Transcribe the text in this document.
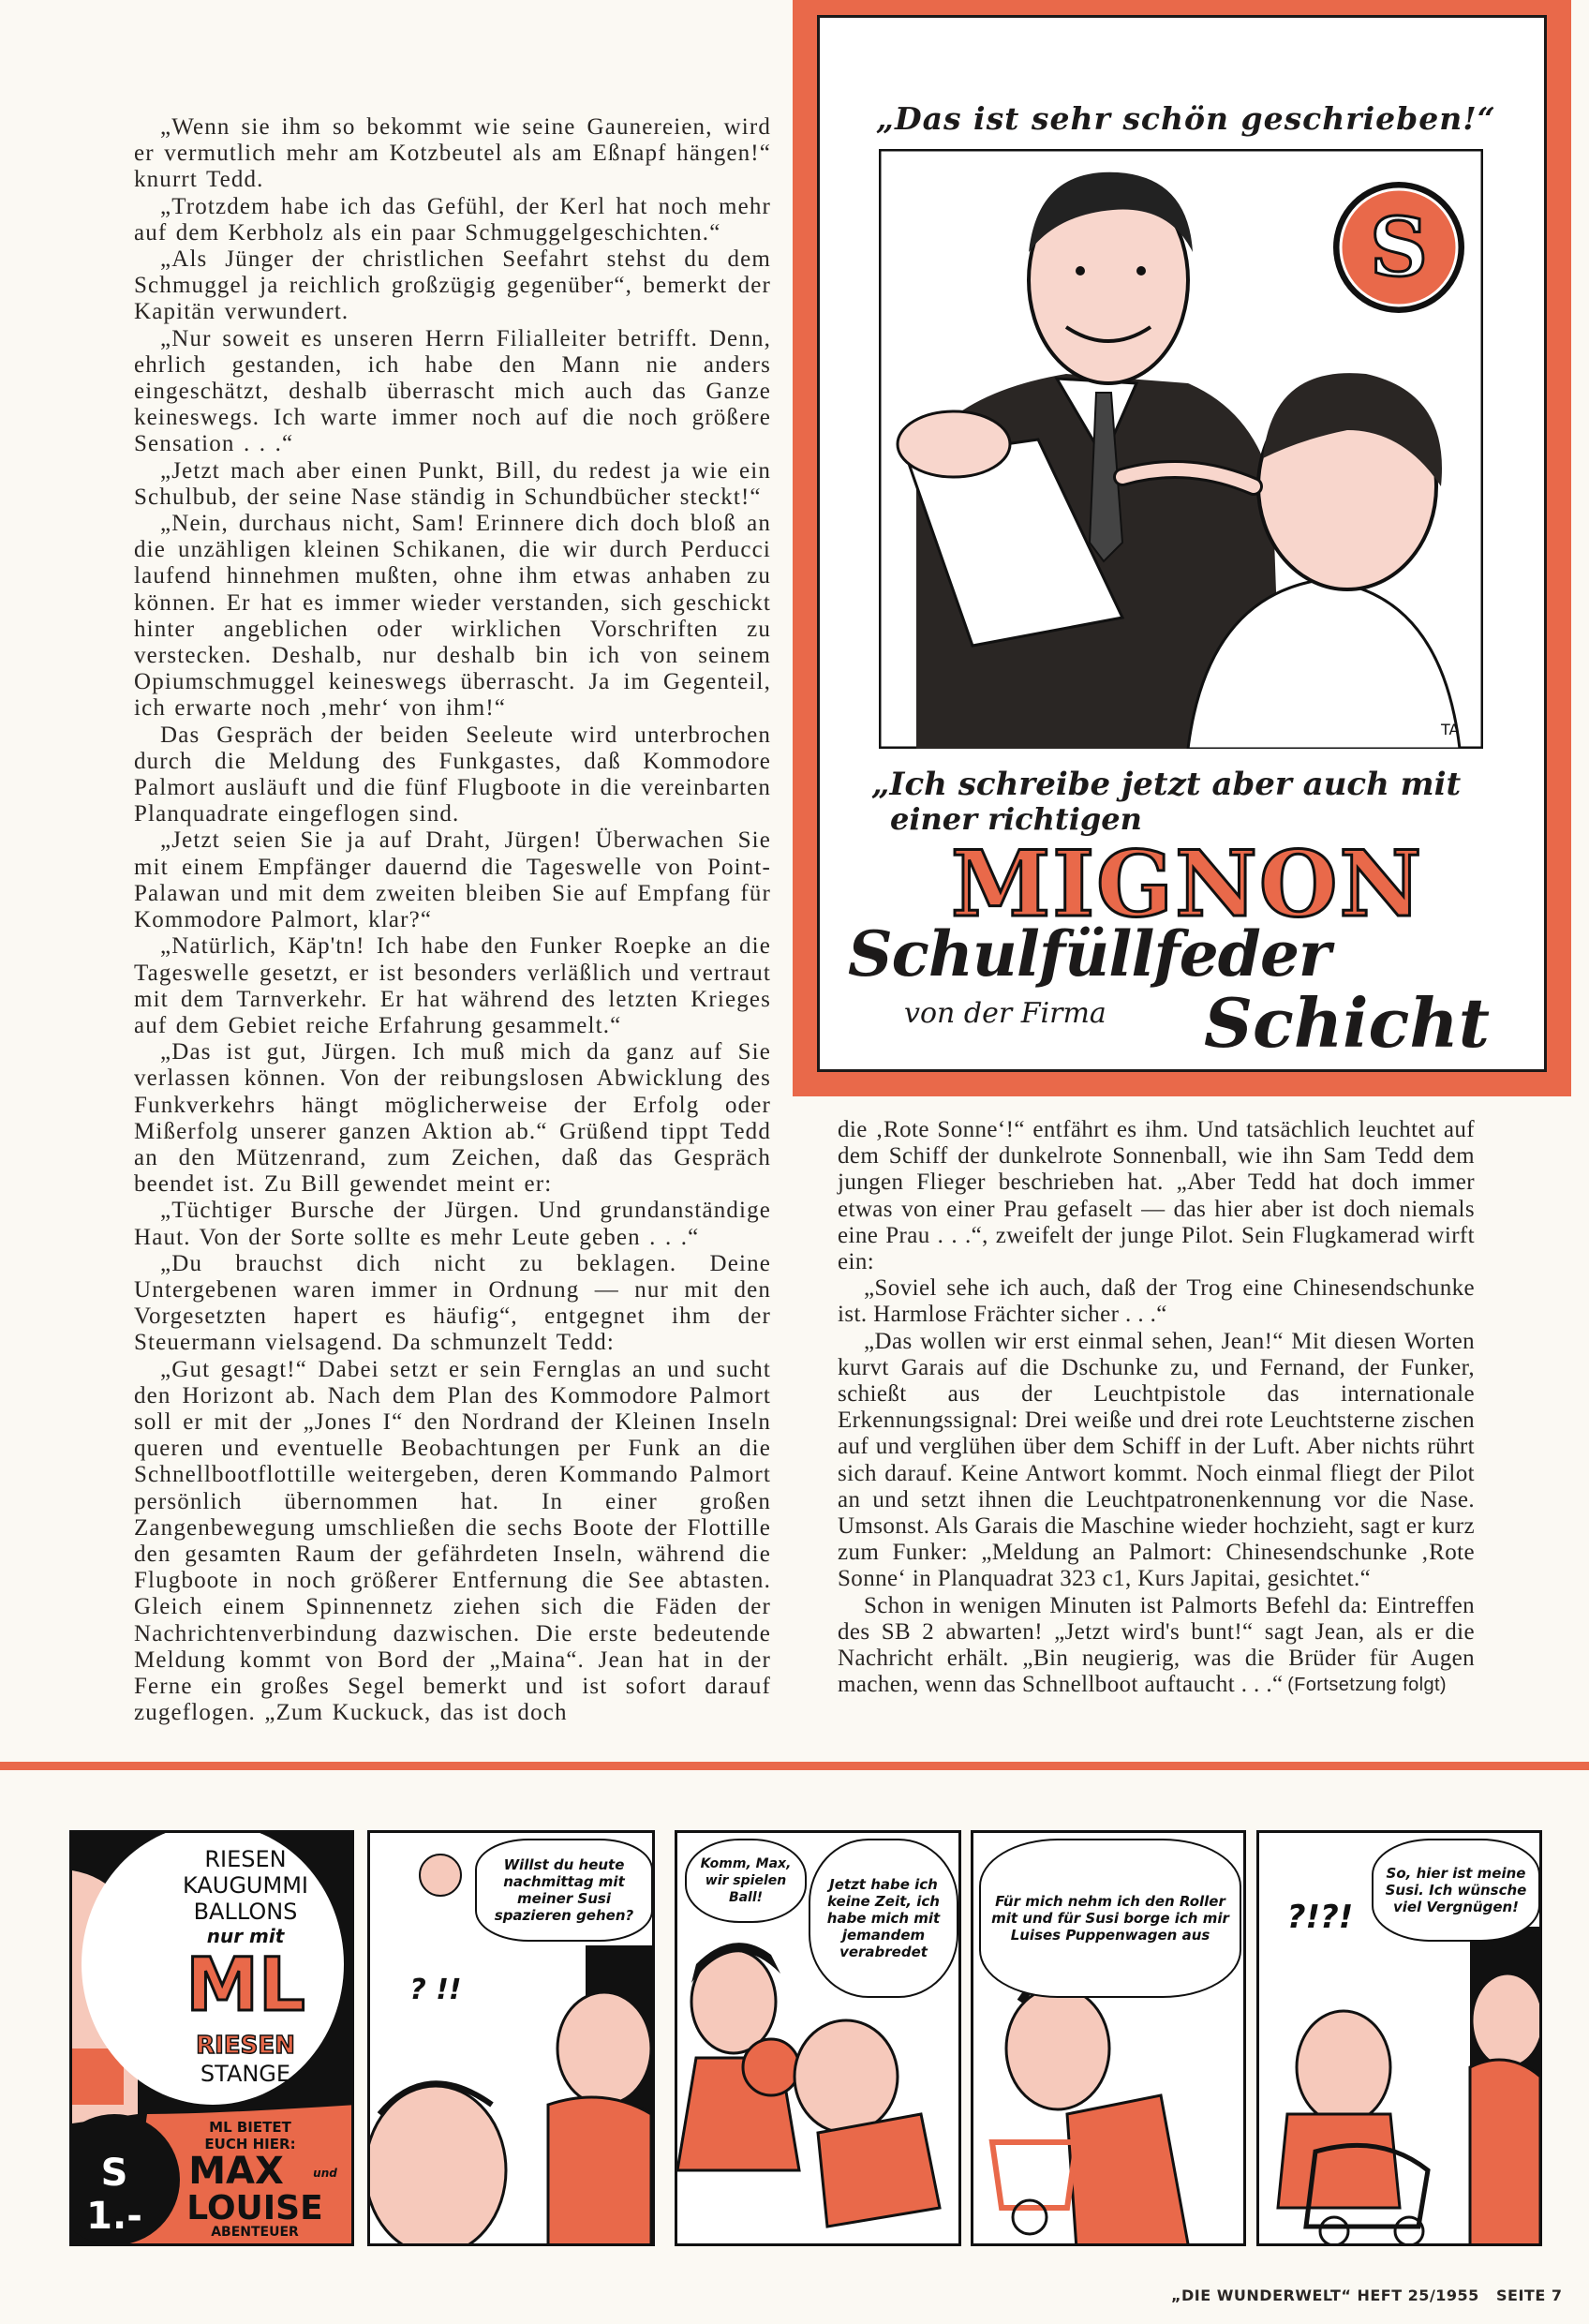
„Wenn sie ihm so bekommt wie seine Gaunereien, wird er vermutlich mehr am Kotzbeutel als am Eßnapf hängen!“ knurrt Tedd.

„Trotzdem habe ich das Gefühl, der Kerl hat noch mehr auf dem Kerbholz als ein paar Schmuggelgeschichten.“

„Als Jünger der christlichen Seefahrt stehst du dem Schmuggel ja reichlich großzügig gegenüber“, bemerkt der Kapitän verwundert.

„Nur soweit es unseren Herrn Filialleiter betrifft. Denn, ehrlich gestanden, ich habe den Mann nie anders eingeschätzt, deshalb überrascht mich auch das Ganze keineswegs. Ich warte immer noch auf die noch größere Sensation . . .“

„Jetzt mach aber einen Punkt, Bill, du redest ja wie ein Schulbub, der seine Nase ständig in Schundbücher steckt!“

„Nein, durchaus nicht, Sam! Erinnere dich doch bloß an die unzähligen kleinen Schikanen, die wir durch Perducci laufend hinnehmen mußten, ohne ihm etwas anhaben zu können. Er hat es immer wieder verstanden, sich geschickt hinter angeblichen oder wirklichen Vorschriften zu verstecken. Deshalb, nur deshalb bin ich von seinem Opiumschmuggel keineswegs überrascht. Ja im Gegenteil, ich erwarte noch ‚mehr‘ von ihm!“

Das Gespräch der beiden Seeleute wird unterbrochen durch die Meldung des Funkgastes, daß Kommodore Palmort ausläuft und die fünf Flugboote in die vereinbarten Planquadrate eingeflogen sind.

„Jetzt seien Sie ja auf Draht, Jürgen! Überwachen Sie mit einem Empfänger dauernd die Tageswelle von Point-Palawan und mit dem zweiten bleiben Sie auf Empfang für Kommodore Palmort, klar?“

„Natürlich, Käp'tn! Ich habe den Funker Roepke an die Tageswelle gesetzt, er ist besonders verläßlich und vertraut mit dem Tarnverkehr. Er hat während des letzten Krieges auf dem Gebiet reiche Erfahrung gesammelt.“

„Das ist gut, Jürgen. Ich muß mich da ganz auf Sie verlassen können. Von der reibungslosen Abwicklung des Funkverkehrs hängt möglicherweise der Erfolg oder Mißerfolg unserer ganzen Aktion ab.“ Grüßend tippt Tedd an den Mützenrand, zum Zeichen, daß das Gespräch beendet ist. Zu Bill gewendet meint er:

„Tüchtiger Bursche der Jürgen. Und grundanständige Haut. Von der Sorte sollte es mehr Leute geben . . .“

„Du brauchst dich nicht zu beklagen. Deine Untergebenen waren immer in Ordnung — nur mit den Vorgesetzten hapert es häufig“, entgegnet ihm der Steuermann vielsagend. Da schmunzelt Tedd:

„Gut gesagt!“ Dabei setzt er sein Fernglas an und sucht den Horizont ab. Nach dem Plan des Kommodore Palmort soll er mit der „Jones I“ den Nordrand der Kleinen Inseln queren und eventuelle Beobachtungen per Funk an die Schnellbootflottille weitergeben, deren Kommando Palmort persönlich übernommen hat. In einer großen Zangenbewegung umschließen die sechs Boote der Flottille den gesamten Raum der gefährdeten Inseln, während die Flugboote in noch größerer Entfernung die See abtasten. Gleich einem Spinnennetz ziehen sich die Fäden der Nachrichtenverbindung dazwischen. Die erste bedeutende Meldung kommt von Bord der „Maina“. Jean hat in der Ferne ein großes Segel bemerkt und ist sofort darauf zugeflogen. „Zum Kuckuck, das ist doch

„Das ist sehr schön geschrieben!“
S
TA
„Ich schreibe jetzt aber auch mit
einer richtigen
MIGNON
Schulfüllfeder
von der Firma Schicht

die ‚Rote Sonne‘!“ entfährt es ihm. Und tatsächlich leuchtet auf dem Schiff der dunkelrote Sonnenball, wie ihn Sam Tedd dem jungen Flieger beschrieben hat. „Aber Tedd hat doch immer etwas von einer Prau gefaselt — das hier aber ist doch niemals eine Prau . . .“, zweifelt der junge Pilot. Sein Flugkamerad wirft ein:

„Soviel sehe ich auch, daß der Trog eine Chinesendschunke ist. Harmlose Frächter sicher . . .“

„Das wollen wir erst einmal sehen, Jean!“ Mit diesen Worten kurvt Garais auf die Dschunke zu, und Fernand, der Funker, schießt aus der Leuchtpistole das internationale Erkennungssignal: Drei weiße und drei rote Leuchtsterne zischen auf und verglühen über dem Schiff in der Luft. Aber nichts rührt sich darauf. Keine Antwort kommt. Noch einmal fliegt der Pilot an und setzt ihnen die Leuchtpatronenkennung vor die Nase. Umsonst. Als Garais die Maschine wieder hochzieht, sagt er kurz zum Funker: „Meldung an Palmort: Chinesendschunke ‚Rote Sonne‘ in Planquadrat 323 c1, Kurs Japitai, gesichtet.“

Schon in wenigen Minuten ist Palmorts Befehl da: Eintreffen des SB 2 abwarten! „Jetzt wird's bunt!“ sagt Jean, als er die Nachricht erhält. „Bin neugierig, was die Brüder für Augen machen, wenn das Schnellboot auftaucht . . .“ (Fortsetzung folgt)

RIESEN
KAUGUMMI
BALLONS
nur mit
ML
RIESEN
STANGE
S 1.-
ML BIETET
EUCH HIER:
MAX	und
LOUISE
ABENTEUER
Willst du heute nachmittag mit meiner Susi spazieren gehen?
? !!
Komm, Max, wir spielen Ball!
Jetzt habe ich keine Zeit, ich habe mich mit jemandem verabredet
Für mich nehm ich den Roller mit und für Susi borge ich mir Luises Puppenwagen aus	?!?!
So, hier ist meine Susi. Ich wünsche viel Vergnügen!
„DIE WUNDERWELT“ HEFT 25/1955   SEITE 7
